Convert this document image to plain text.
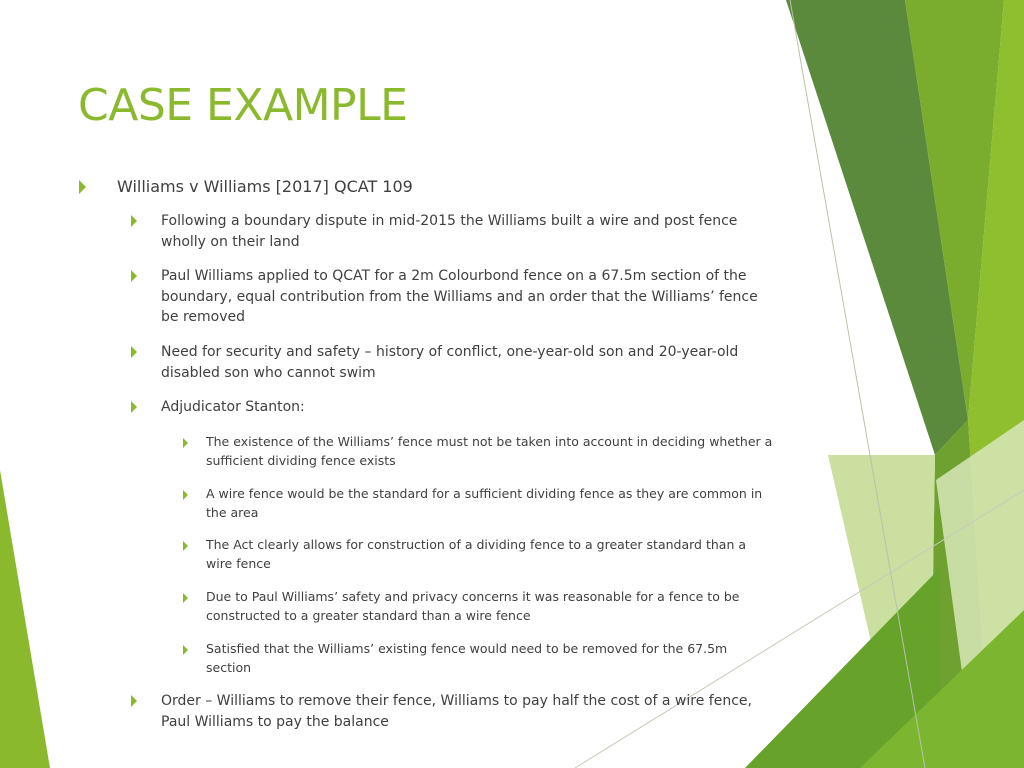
CASE EXAMPLE
Williams v Williams [2017] QCAT 109
Following a boundary dispute in mid-2015 the Williams built a wire and post fence wholly on their land
Paul Williams applied to QCAT for a 2m Colourbond fence on a 67.5m section of the boundary, equal contribution from the Williams and an order that the Williams’ fence be removed
Need for security and safety – history of conflict, one-year-old son and 20-year-old disabled son who cannot swim
Adjudicator Stanton:
The existence of the Williams’ fence must not be taken into account in deciding whether a sufficient dividing fence exists
A wire fence would be the standard for a sufficient dividing fence as they are common in the area
The Act clearly allows for construction of a dividing fence to a greater standard than a wire fence
Due to Paul Williams’ safety and privacy concerns it was reasonable for a fence to be constructed to a greater standard than a wire fence
Satisfied that the Williams’ existing fence would need to be removed for the 67.5m section
Order – Williams to remove their fence, Williams to pay half the cost of a wire fence, Paul Williams to pay the balance
